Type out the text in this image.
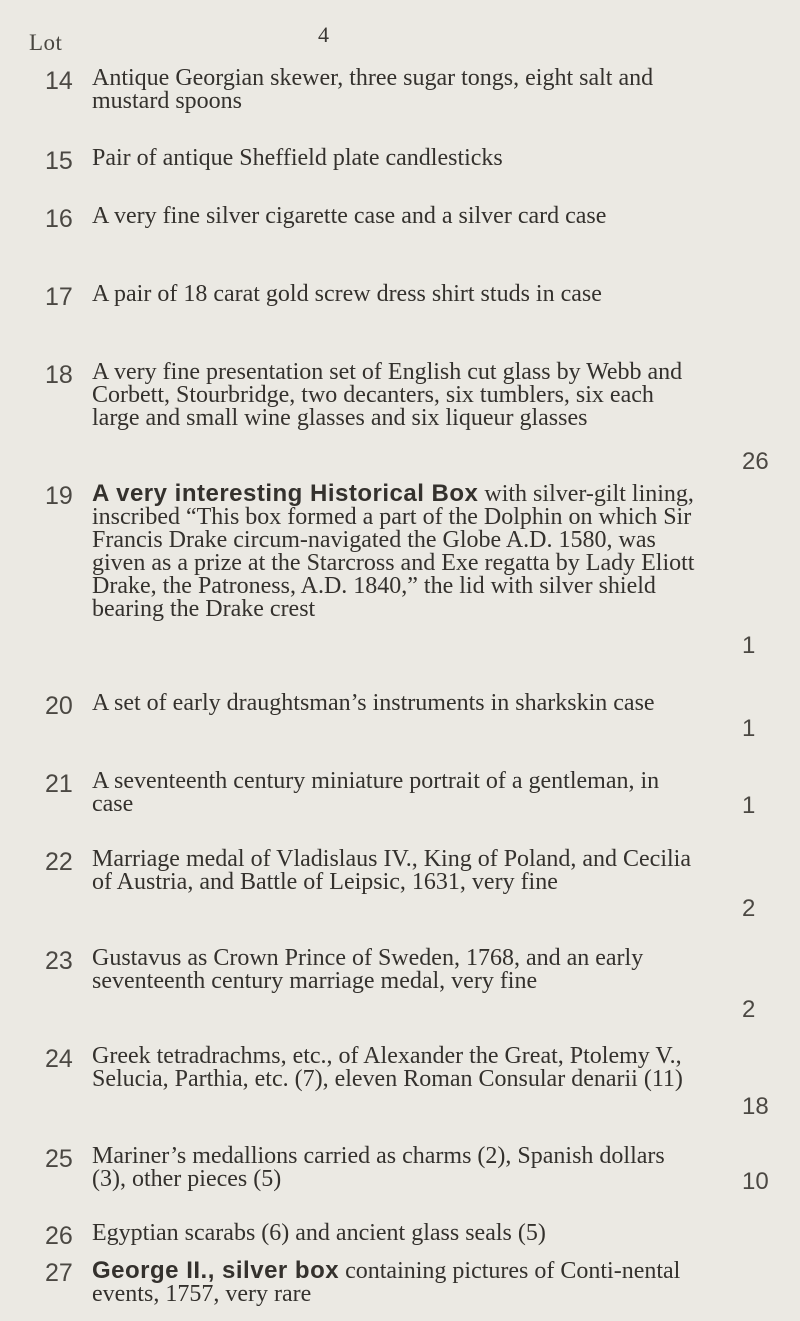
4
Lot
14 Antique Georgian skewer, three sugar tongs, eight salt and mustard spoons
15 Pair of antique Sheffield plate candlesticks
16 A very fine silver cigarette case and a silver card case
17 A pair of 18 carat gold screw dress shirt studs in case
18 A very fine presentation set of English cut glass by Webb and Corbett, Stourbridge, two decanters, six tumblers, six each large and small wine glasses and six liqueur glasses
26
19 A very interesting Historical Box with silver-gilt lining, inscribed “This box formed a part of the Dolphin on which Sir Francis Drake circum-navigated the Globe A.D. 1580, was given as a prize at the Starcross and Exe regatta by Lady Eliott Drake, the Patroness, A.D. 1840,” the lid with silver shield bearing the Drake crest
1
20 A set of early draughtsman’s instruments in sharkskin case
1
21 A seventeenth century miniature portrait of a gentleman, in case	1
22 Marriage medal of Vladislaus IV., King of Poland, and Cecilia of Austria, and Battle of Leipsic, 1631, very fine
2
23 Gustavus as Crown Prince of Sweden, 1768, and an early seventeenth century marriage medal, very fine
2
24 Greek tetradrachms, etc., of Alexander the Great, Ptolemy V., Selucia, Parthia, etc. (7), eleven Roman Consular denarii (11)
18
25 Mariner’s medallions carried as charms (2), Spanish dollars (3), other pieces (5)	10
26 Egyptian scarabs (6) and ancient glass seals (5)
27 George II., silver box containing pictures of Conti-nental events, 1757, very rare
